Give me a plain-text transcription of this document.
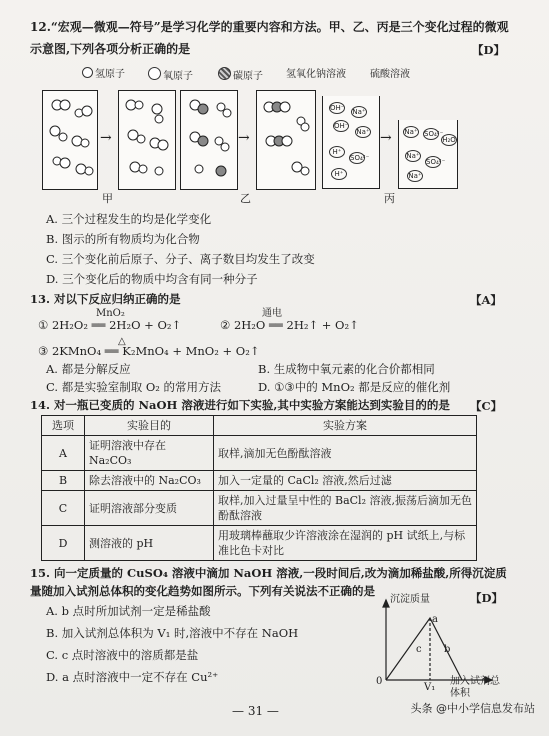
12.“宏观—微观—符号”是学习化学的重要内容和方法。甲、乙、丙是三个变化过程的微观
示意图,下列各项分析正确的是	【D】
氢原子	氧原子	碳原子 氢氧化钠溶液 硫酸溶液
→	→
OH⁻ Na⁺
OH⁻
Na⁺
H⁺
SO₄²⁻
H⁺
→ Na⁺ SO₄²⁻
H₂O
Na⁺
SO₄²⁻
Na⁺
甲	乙	丙
A. 三个过程发生的均是化学变化
B. 图示的所有物质均为化合物
C. 三个变化前后原子、分子、离子数目均发生了改变
D. 三个变化后的物质中均含有同一种分子
13. 对以下反应归纳正确的是	【A】
MnO₂
① 2H₂O₂ ══ 2H₂O + O₂↑
通电
② 2H₂O ══ 2H₂↑ + O₂↑
△
③ 2KMnO₄ ══ K₂MnO₄ + MnO₂ + O₂↑
A. 都是分解反应	B. 生成物中氧元素的化合价都相同
C. 都是实验室制取 O₂ 的常用方法	D. ①③中的 MnO₂ 都是反应的催化剂
14. 对一瓶已变质的 NaOH 溶液进行如下实验,其中实验方案能达到实验目的的是 【C】
选项	实验目的	实验方案
A	证明溶液中存在 Na₂CO₃	取样,滴加无色酚酞溶液
B	除去溶液中的 Na₂CO₃	加入一定量的 CaCl₂ 溶液,然后过滤
C	证明溶液部分变质	取样,加入过量呈中性的 BaCl₂ 溶液,振荡后滴加无色酚酞溶液
D	测溶液的 pH	用玻璃棒蘸取少许溶液涂在湿润的 pH 试纸上,与标准比色卡对比
15. 向一定质量的 CuSO₄ 溶液中滴加 NaOH 溶液,一段时间后,改为滴加稀盐酸,所得沉淀质
量随加入试剂总体积的变化趋势如图所示。下列有关说法不正确的是	【D】
A. b 点时所加试剂一定是稀盐酸
B. 加入试剂总体积为 V₁ 时,溶液中不存在 NaOH
C. c 点时溶液中的溶质都是盐
D. a 点时溶液中一定不存在 Cu²⁺
沉淀质量
a
b
c
0
V₁
加入试剂总体积
— 31 —	头条 @中小学信息发布站
